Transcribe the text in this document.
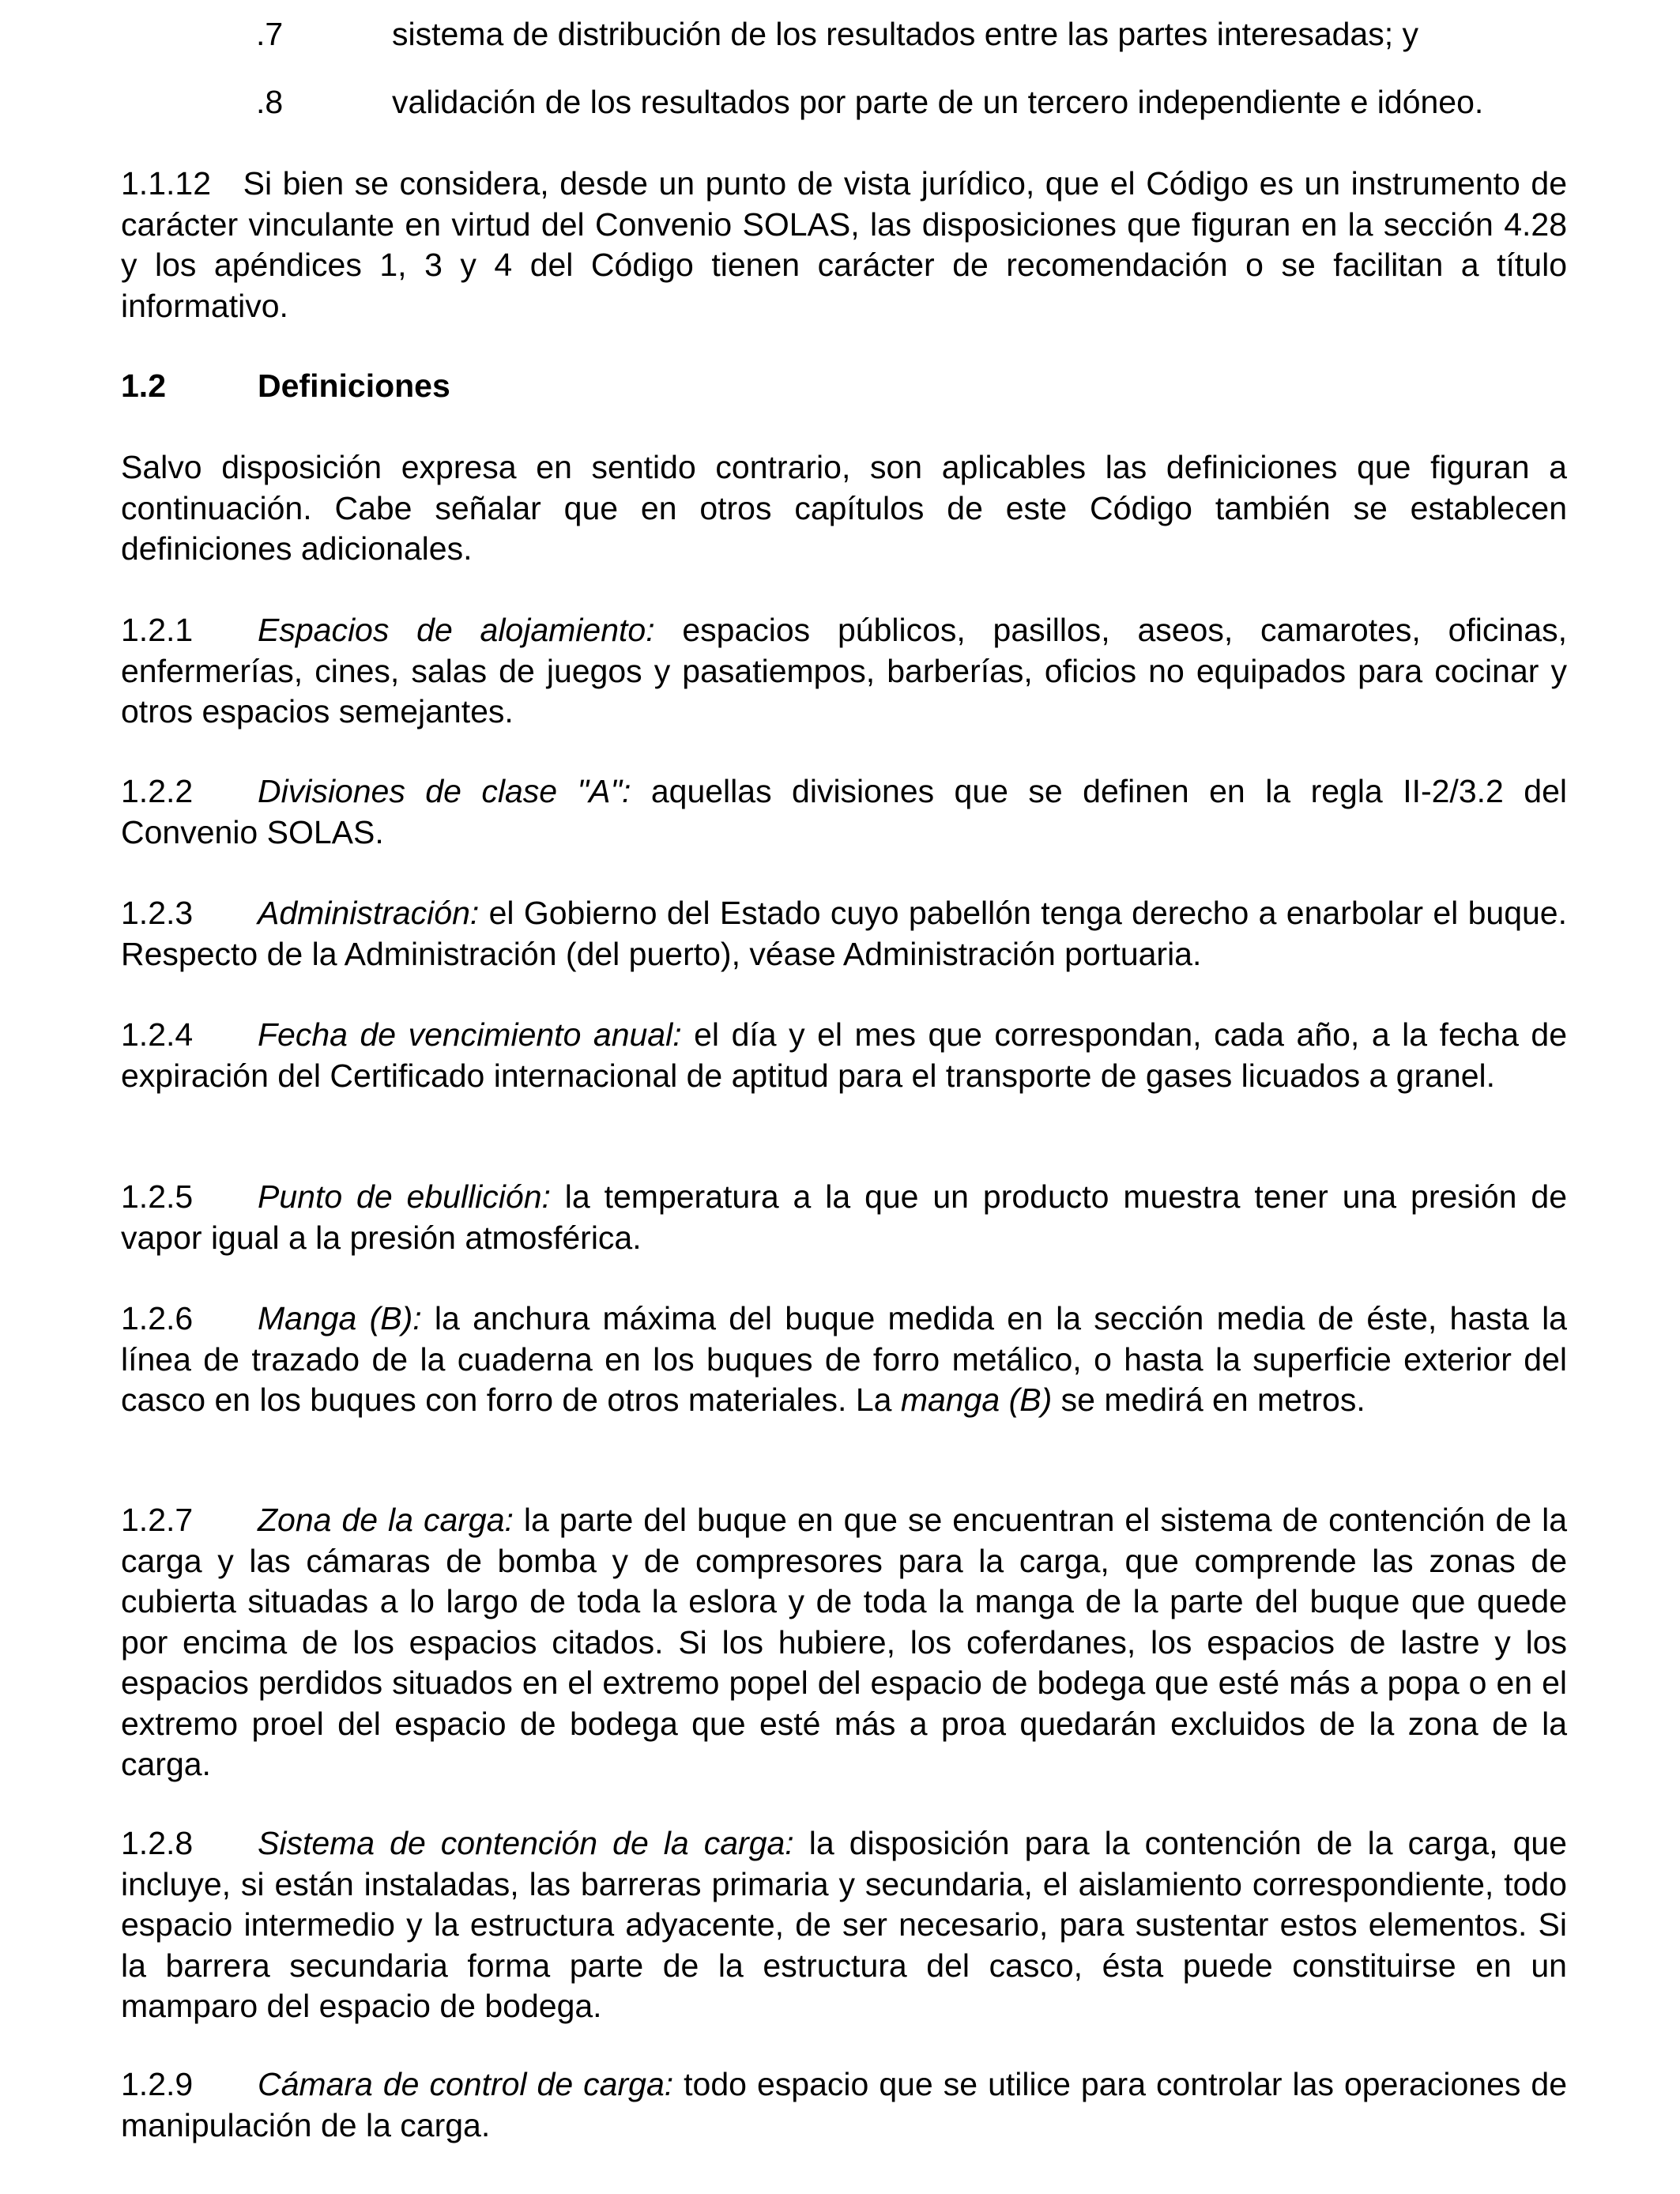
.7	sistema de distribución de los resultados entre las partes interesadas; y
.8	validación de los resultados por parte de un tercero independiente e idóneo.
1.1.12 Si bien se considera, desde un punto de vista jurídico, que el Código es un instrumento de carácter vinculante en virtud del Convenio SOLAS, las disposiciones que figuran en la sección 4.28 y los apéndices 1, 3 y 4 del Código tienen carácter de recomendación o se facilitan a título informativo.
1.2	Definiciones
Salvo disposición expresa en sentido contrario, son aplicables las definiciones que figuran a continuación. Cabe señalar que en otros capítulos de este Código también se establecen definiciones adicionales.
1.2.1 Espacios de alojamiento: espacios públicos, pasillos, aseos, camarotes, oficinas, enfermerías, cines, salas de juegos y pasatiempos, barberías, oficios no equipados para cocinar y otros espacios semejantes.
1.2.2 Divisiones de clase "A": aquellas divisiones que se definen en la regla II-2/3.2 del Convenio SOLAS.
1.2.3 Administración: el Gobierno del Estado cuyo pabellón tenga derecho a enarbolar el buque. Respecto de la Administración (del puerto), véase Administración portuaria.
1.2.4 Fecha de vencimiento anual: el día y el mes que correspondan, cada año, a la fecha de expiración del Certificado internacional de aptitud para el transporte de gases licuados a granel.
1.2.5 Punto de ebullición: la temperatura a la que un producto muestra tener una presión de vapor igual a la presión atmosférica.
1.2.6 Manga (B): la anchura máxima del buque medida en la sección media de éste, hasta la línea de trazado de la cuaderna en los buques de forro metálico, o hasta la superficie exterior del casco en los buques con forro de otros materiales. La manga (B) se medirá en metros.
1.2.7 Zona de la carga: la parte del buque en que se encuentran el sistema de contención de la carga y las cámaras de bomba y de compresores para la carga, que comprende las zonas de cubierta situadas a lo largo de toda la eslora y de toda la manga de la parte del buque que quede por encima de los espacios citados. Si los hubiere, los coferdanes, los espacios de lastre y los espacios perdidos situados en el extremo popel del espacio de bodega que esté más a popa o en el extremo proel del espacio de bodega que esté más a proa quedarán excluidos de la zona de la carga.
1.2.8 Sistema de contención de la carga: la disposición para la contención de la carga, que incluye, si están instaladas, las barreras primaria y secundaria, el aislamiento correspondiente, todo espacio intermedio y la estructura adyacente, de ser necesario, para sustentar estos elementos. Si la barrera secundaria forma parte de la estructura del casco, ésta puede constituirse en un mamparo del espacio de bodega.
1.2.9 Cámara de control de carga: todo espacio que se utilice para controlar las operaciones de manipulación de la carga.
